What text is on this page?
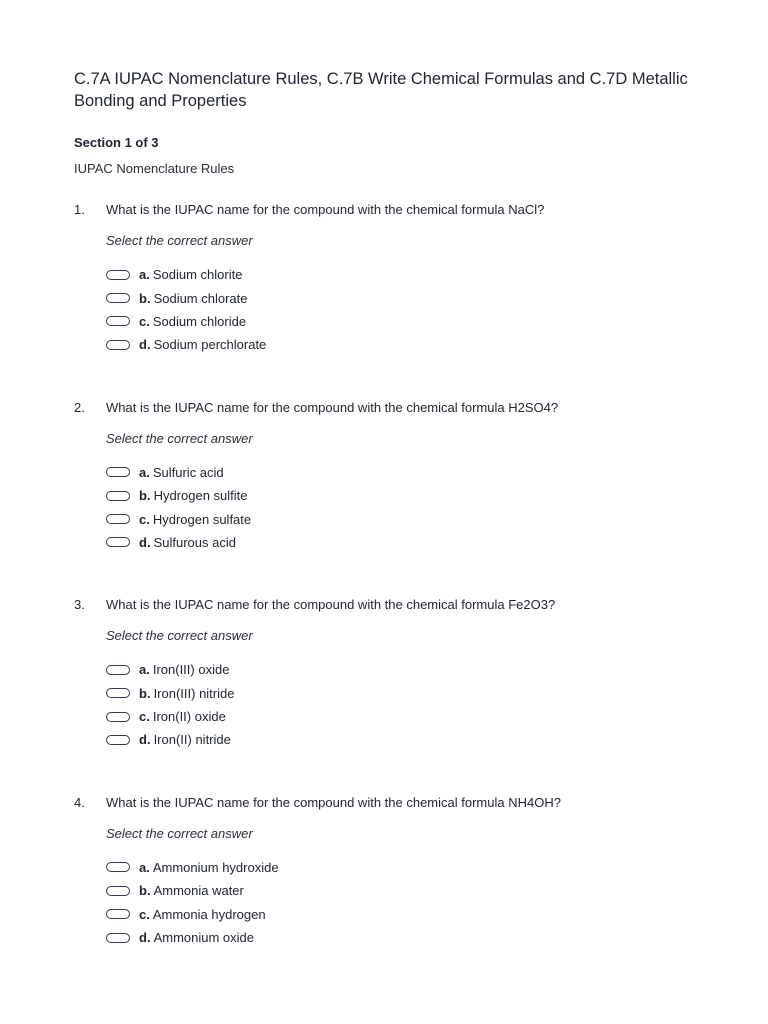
C.7A IUPAC Nomenclature Rules, C.7B Write Chemical Formulas and C.7D Metallic Bonding and Properties
Section 1 of 3
IUPAC Nomenclature Rules
1.	What is the IUPAC name for the compound with the chemical formula NaCl?
Select the correct answer
a. Sodium chlorite
b. Sodium chlorate
c. Sodium chloride
d. Sodium perchlorate
2.	What is the IUPAC name for the compound with the chemical formula H2SO4?
Select the correct answer
a. Sulfuric acid
b. Hydrogen sulfite
c. Hydrogen sulfate
d. Sulfurous acid
3.	What is the IUPAC name for the compound with the chemical formula Fe2O3?
Select the correct answer
a. Iron(III) oxide
b. Iron(III) nitride
c. Iron(II) oxide
d. Iron(II) nitride
4.	What is the IUPAC name for the compound with the chemical formula NH4OH?
Select the correct answer
a. Ammonium hydroxide
b. Ammonia water
c. Ammonia hydrogen
d. Ammonium oxide
